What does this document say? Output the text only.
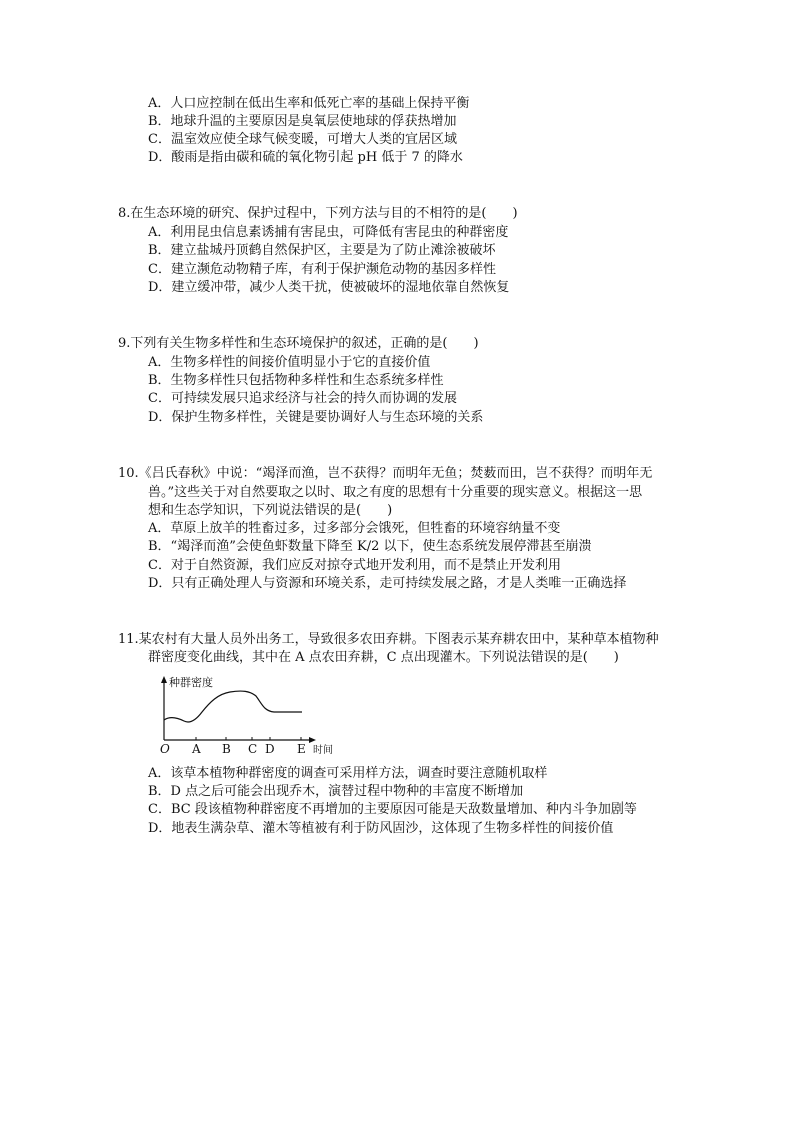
A．人口应控制在低出生率和低死亡率的基础上保持平衡
B．地球升温的主要原因是臭氧层使地球的俘获热增加
C．温室效应使全球气候变暖，可增大人类的宜居区域
D．酸雨是指由碳和硫的氧化物引起 pH 低于 7 的降水
8.在生态环境的研究、保护过程中，下列方法与目的不相符的是(　　)
A．利用昆虫信息素诱捕有害昆虫，可降低有害昆虫的种群密度
B．建立盐城丹顶鹤自然保护区，主要是为了防止滩涂被破坏
C．建立濒危动物精子库，有利于保护濒危动物的基因多样性
D．建立缓冲带，减少人类干扰，使被破坏的湿地依靠自然恢复
9.下列有关生物多样性和生态环境保护的叙述，正确的是(　　)
A．生物多样性的间接价值明显小于它的直接价值
B．生物多样性只包括物种多样性和生态系统多样性
C．可持续发展只追求经济与社会的持久而协调的发展
D．保护生物多样性，关键是要协调好人与生态环境的关系
10.《吕氏春秋》中说：“竭泽而渔，岂不获得？而明年无鱼；焚薮而田，岂不获得？而明年无
兽。”这些关于对自然要取之以时、取之有度的思想有十分重要的现实意义。根据这一思
想和生态学知识，下列说法错误的是(　　)
A．草原上放羊的牲畜过多，过多部分会饿死，但牲畜的环境容纳量不变
B．“竭泽而渔”会使鱼虾数量下降至 K/2 以下，使生态系统发展停滞甚至崩溃
C．对于自然资源，我们应反对掠夺式地开发利用，而不是禁止开发利用
D．只有正确处理人与资源和环境关系，走可持续发展之路，才是人类唯一正确选择
11.某农村有大量人员外出务工，导致很多农田弃耕。下图表示某弃耕农田中，某种草本植物种
群密度变化曲线，其中在 A 点农田弃耕，C 点出现灌木。下列说法错误的是(　　)
种群密度
O A B C D E 时间
A．该草本植物种群密度的调查可采用样方法，调查时要注意随机取样
B．D 点之后可能会出现乔木，演替过程中物种的丰富度不断增加
C．BC 段该植物种群密度不再增加的主要原因可能是天敌数量增加、种内斗争加剧等
D．地表生满杂草、灌木等植被有利于防风固沙，这体现了生物多样性的间接价值
